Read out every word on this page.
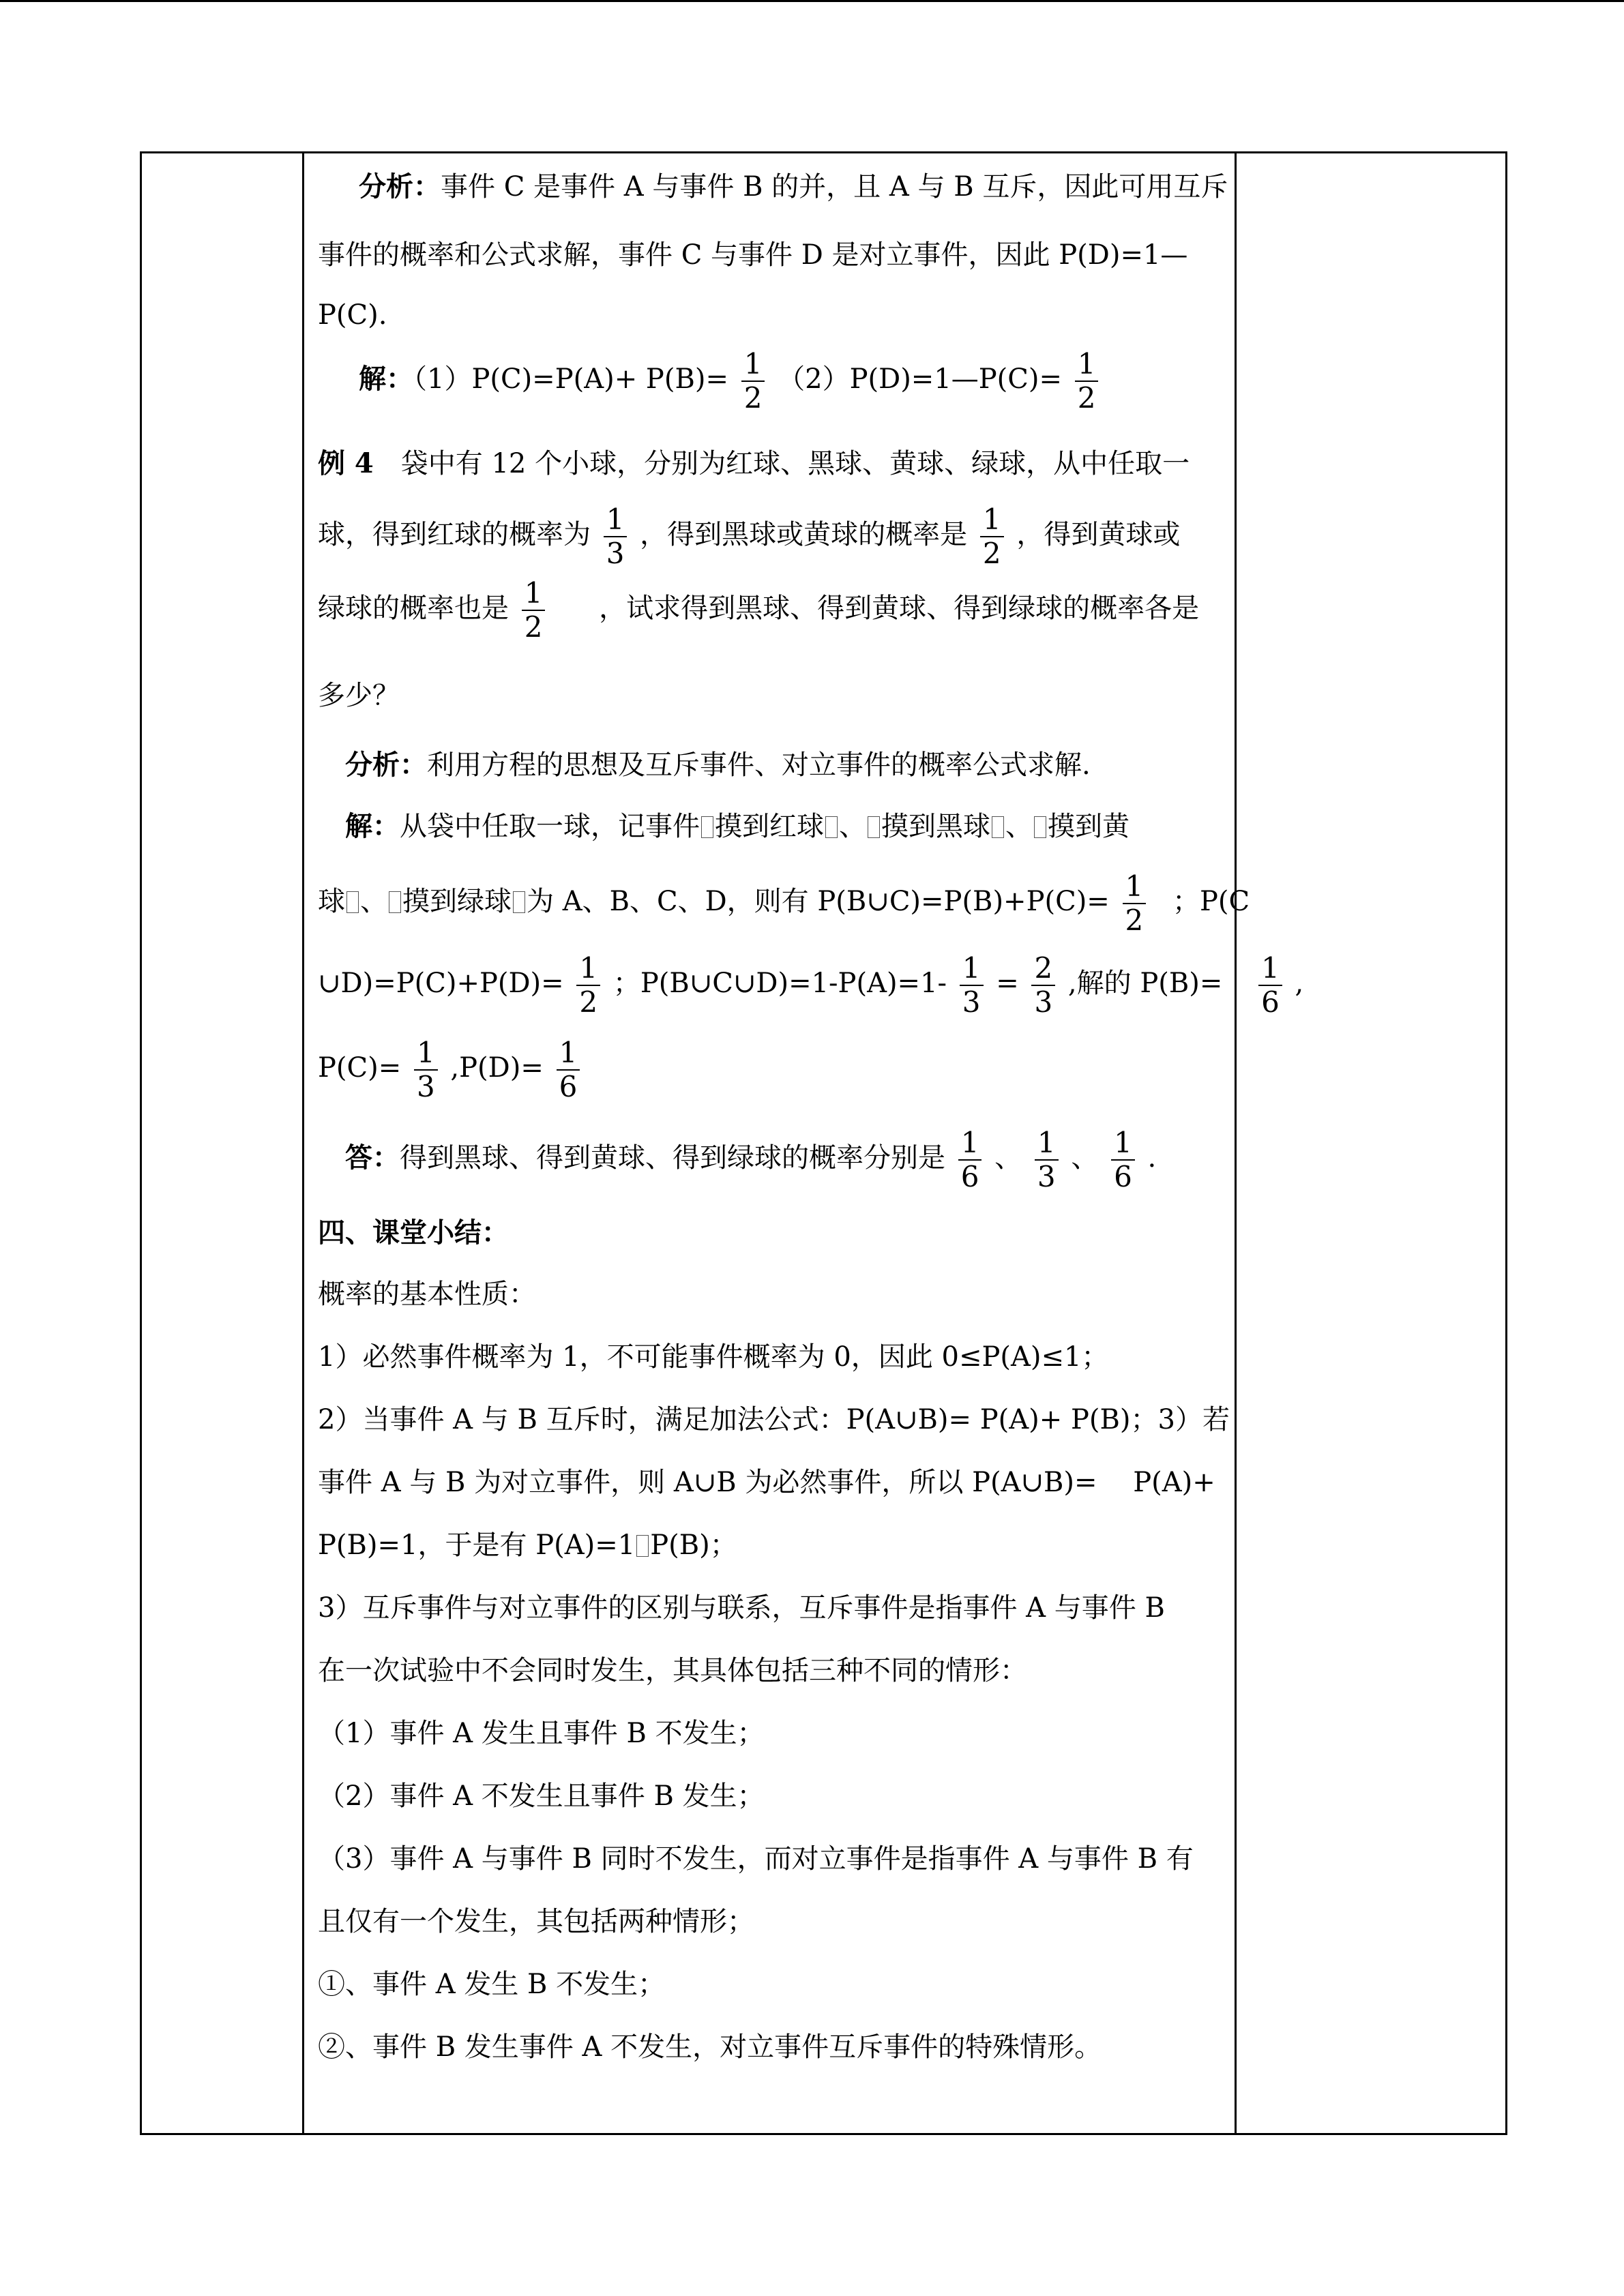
分析：事件 C 是事件 A 与事件 B 的并，且 A 与 B 互斥，因此可用互斥
事件的概率和公式求解，事件 C 与事件 D 是对立事件，因此 P(D)=1—
P(C).
解：$(1)P(C)=P(A)+ P(B)= \frac{1}{2}$ （2）P(D)=1—P(C)= $\frac{1}{2}$
例 4　 袋中有 12 个小球，分别为红球、黑球、黄球、绿球，从中任取一
球，得到红球的概率为 $\frac{1}{3}$ ，得到黑球或黄球的概率是 $\frac{1}{2}$ ，得到黄球或
绿球的概率也是 $\frac{1}{2}$ ，试求得到黑球、得到黄球、得到绿球的概率各是
多少？
分析：利用方程的思想及互斥事件、对立事件的概率公式求解.
解：从袋中任取一球，记事件 摸到红球 、 摸到黑球 、 摸到黄
球 、 摸到绿球 为 A、B、C、D，则有 P(B∪C)=P(B)+P(C)= $\frac{1}{2}$ ；P(C
∪D)=P(C)+P(D)= $\frac{1}{2}$ ；P(B∪C∪D)=1-P(A)=1- $\frac{1}{3} = \frac{2}{3}$ ,解的 $P(B)= \frac{1}{6}$ ,
$P(C)= \frac{1}{3} ,P(D)= \frac{1}{6}$
答：得到黑球、得到黄球、得到绿球的概率分别是 $\frac{1}{6}$ 、 $\frac{1}{3}$ 、 $\frac{1}{6}$ .
四、课堂小结：
概率的基本性质：
1）必然事件概率为 1，不可能事件概率为 0，因此 0≤P(A)≤1；
2）当事件 A 与 B 互斥时，满足加法公式：P(A∪B)= P(A)+ P(B)；3）若
事件 A 与 B 为对立事件，则 A∪B 为必然事件，所以 P(A∪B)=　 P(A)+
P(B)=1，于是有 P(A)=1 P(B)；
3）互斥事件与对立事件的区别与联系，互斥事件是指事件 A 与事件 B
在一次试验中不会同时发生，其具体包括三种不同的情形：
（1）事件 A 发生且事件 B 不发生；
（2）事件 A 不发生且事件 B 发生；
（3）事件 A 与事件 B 同时不发生，而对立事件是指事件 A 与事件 B 有
且仅有一个发生，其包括两种情形；
①、事件 A 发生 B 不发生；
②、事件 B 发生事件 A 不发生，对立事件互斥事件的特殊情形。
